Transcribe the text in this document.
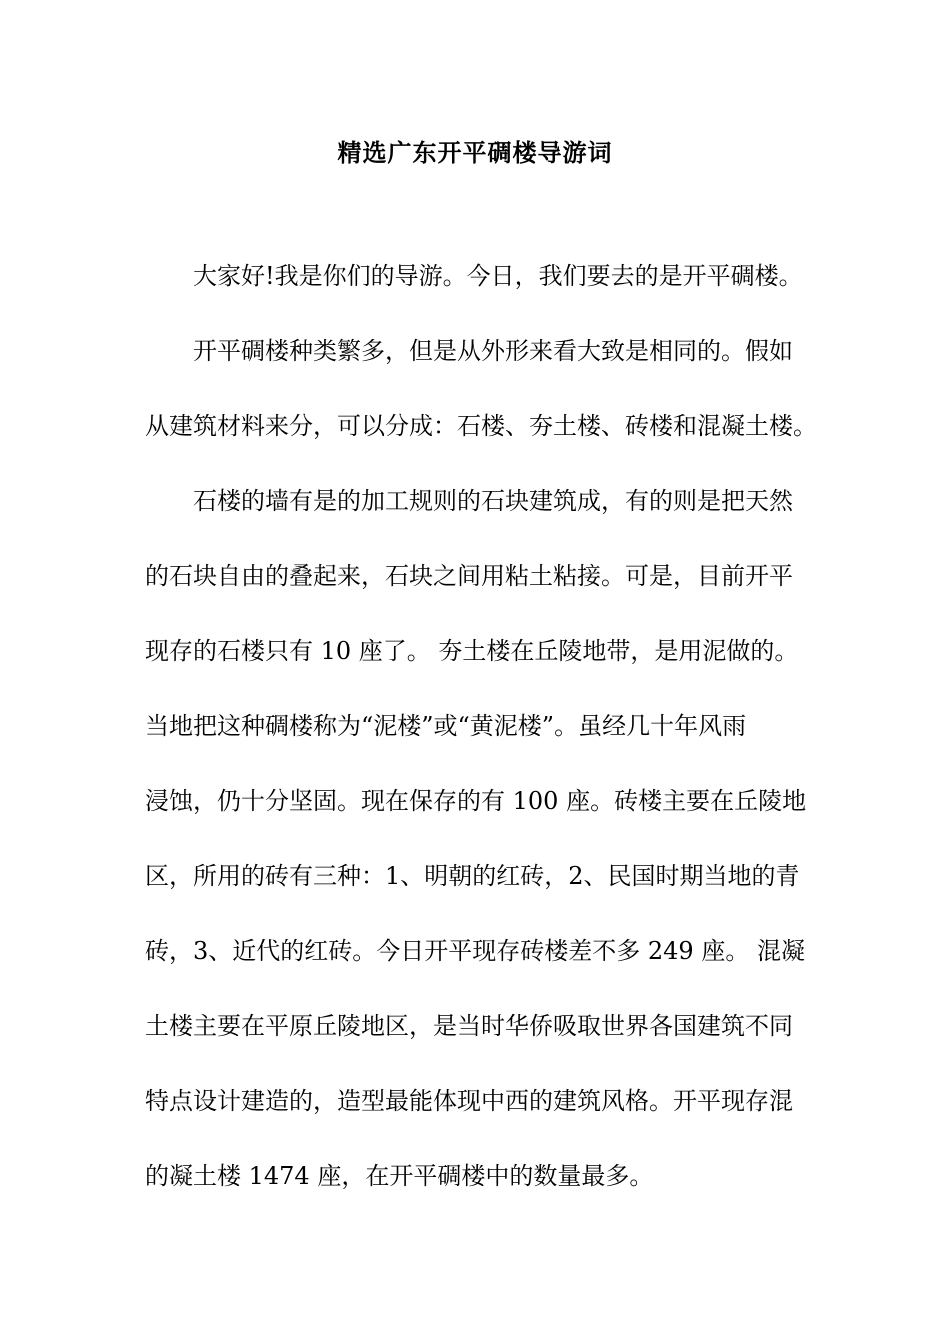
精选广东开平碉楼导游词
大家好!我是你们的导游。今日，我们要去的是开平碉楼。
开平碉楼种类繁多，但是从外形来看大致是相同的。假如
从建筑材料来分，可以分成：石楼、夯土楼、砖楼和混凝土楼。
石楼的墙有是的加工规则的石块建筑成，有的则是把天然
的石块自由的叠起来，石块之间用粘土粘接。可是，目前开平
现存的石楼只有 10 座了。 夯土楼在丘陵地带，是用泥做的。
当地把这种碉楼称为“泥楼”或“黄泥楼”。虽经几十年风雨
浸蚀，仍十分坚固。现在保存的有 100 座。砖楼主要在丘陵地
区，所用的砖有三种：1、明朝的红砖，2、民国时期当地的青
砖，3、近代的红砖。今日开平现存砖楼差不多 249 座。 混凝
土楼主要在平原丘陵地区，是当时华侨吸取世界各国建筑不同
特点设计建造的，造型最能体现中西的建筑风格。开平现存混
的凝土楼 1474 座，在开平碉楼中的数量最多。
